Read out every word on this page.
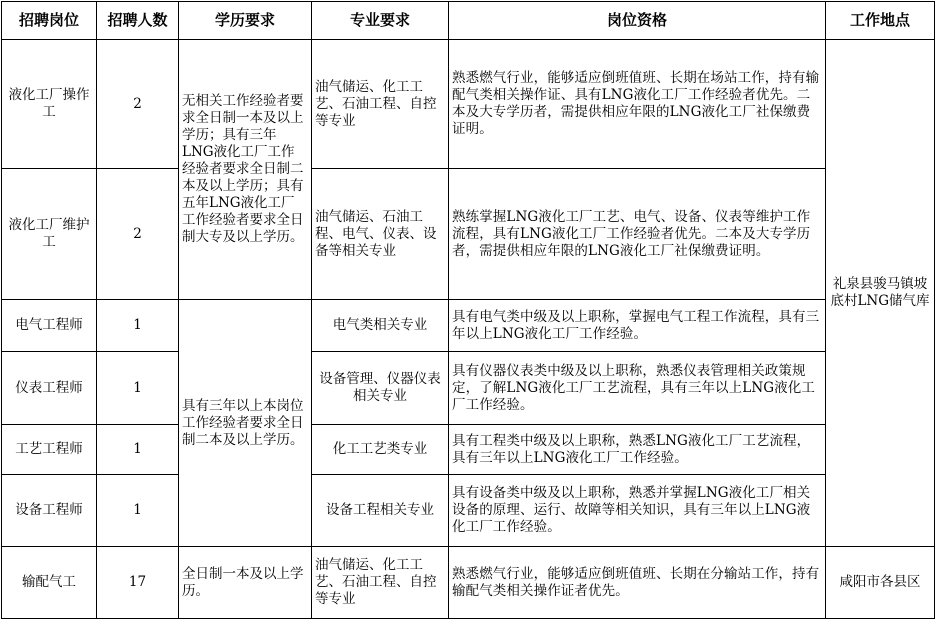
招聘岗位	招聘人数	学历要求	专业要求	岗位资格	工作地点
液化工厂操作工	2	无相关工作经验者要求全日制一本及以上学历；具有三年LNG液化工厂工作经验者要求全日制二本及以上学历；具有五年LNG液化工厂工作经验者要求全日制大专及以上学历。	油气储运、化工工艺、石油工程、自控等专业	熟悉燃气行业，能够适应倒班值班、长期在场站工作，持有输配气类相关操作证、具有LNG液化工厂工作经验者优先。二本及大专学历者，需提供相应年限的LNG液化工厂社保缴费证明。	礼泉县骏马镇坡底村LNG储气库
液化工厂维护工	2		油气储运、石油工程、电气、仪表、设备等相关专业	熟练掌握LNG液化工厂工艺、电气、设备、仪表等维护工作流程，具有LNG液化工厂工作经验者优先。二本及大专学历者，需提供相应年限的LNG液化工厂社保缴费证明。	
电气工程师	1	具有三年以上本岗位工作经验者要求全日制二本及以上学历。	电气类相关专业	具有电气类中级及以上职称，掌握电气工程工作流程，具有三年以上LNG液化工厂工作经验。	
仪表工程师	1		设备管理、仪器仪表相关专业	具有仪器仪表类中级及以上职称，熟悉仪表管理相关政策规定，了解LNG液化工厂工艺流程，具有三年以上LNG液化工厂工作经验。	
工艺工程师	1		化工工艺类专业	具有工程类中级及以上职称，熟悉LNG液化工厂工艺流程，具有三年以上LNG液化工厂工作经验。	
设备工程师	1		设备工程相关专业	具有设备类中级及以上职称，熟悉并掌握LNG液化工厂相关设备的原理、运行、故障等相关知识，具有三年以上LNG液化工厂工作经验。	
输配气工	17	全日制一本及以上学历。	油气储运、化工工艺、石油工程、自控等专业	熟悉燃气行业，能够适应倒班值班、长期在分输站工作，持有输配气类相关操作证者优先。	咸阳市各县区
